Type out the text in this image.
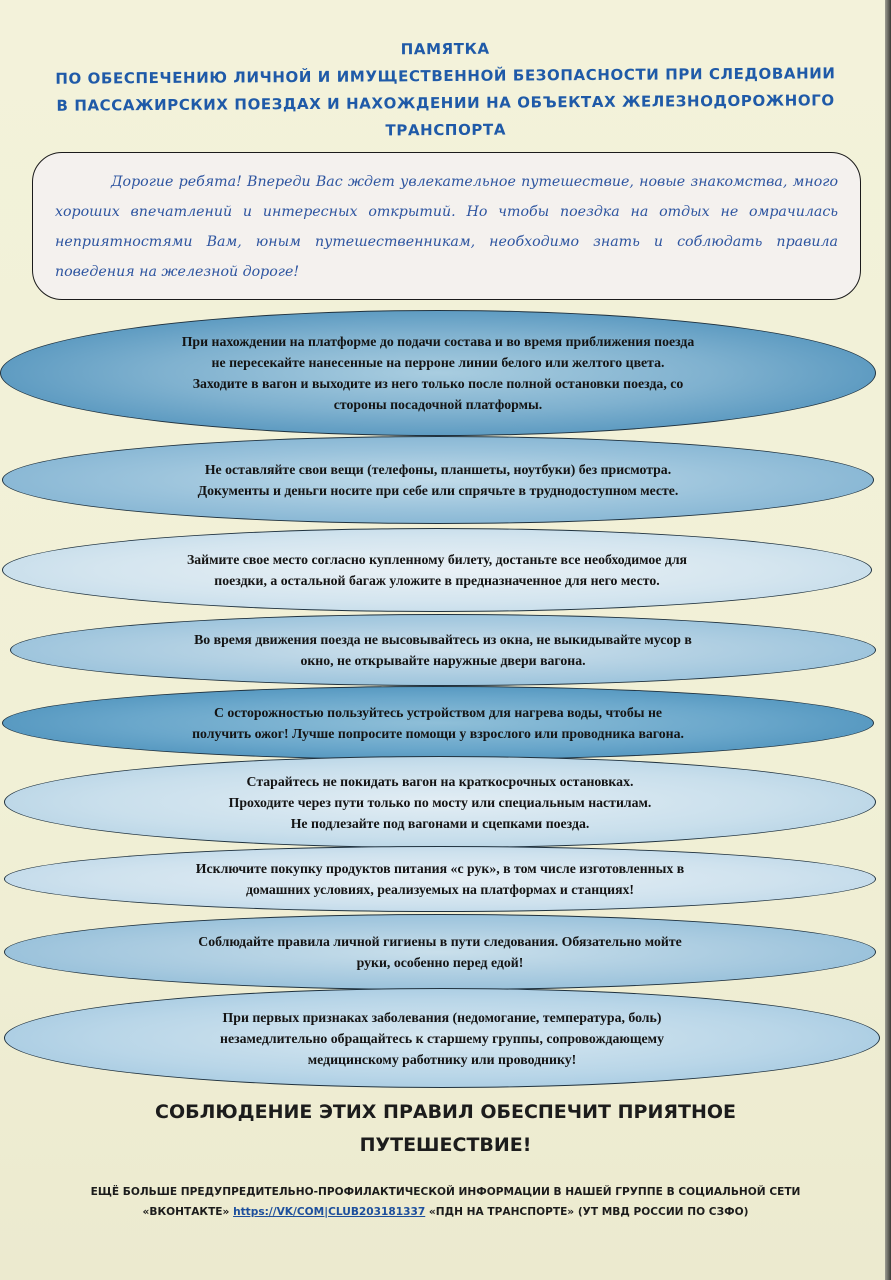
ПАМЯТКА
ПО ОБЕСПЕЧЕНИЮ ЛИЧНОЙ И ИМУЩЕСТВЕННОЙ БЕЗОПАСНОСТИ ПРИ СЛЕДОВАНИИ
В ПАССАЖИРСКИХ ПОЕЗДАХ И НАХОЖДЕНИИ НА ОБЪЕКТАХ ЖЕЛЕЗНОДОРОЖНОГО
ТРАНСПОРТА

Дорогие ребята! Впереди Вас ждет увлекательное путешествие, новые знакомства, много хороших впечатлений и интересных открытий. Но чтобы поездка на отдых не омрачилась неприятностями Вам, юным путешественникам, необходимо знать и соблюдать правила поведения на железной дороге!

При нахождении на платформе до подачи состава и во время приближения поезда
не пересекайте нанесенные на перроне линии белого или желтого цвета.
Заходите в вагон и выходите из него только после полной остановки поезда, со
стороны посадочной платформы.

Не оставляйте свои вещи (телефоны, планшеты, ноутбуки) без присмотра.
Документы и деньги носите при себе или спрячьте в труднодоступном месте.

Займите свое место согласно купленному билету, достаньте все необходимое для
поездки, а остальной багаж уложите в предназначенное для него место.

Во время движения поезда не высовывайтесь из окна, не выкидывайте мусор в
окно, не открывайте наружные двери вагона.

С осторожностью пользуйтесь устройством для нагрева воды, чтобы не
получить ожог! Лучше попросите помощи у взрослого или проводника вагона.

Старайтесь не покидать вагон на краткосрочных остановках.
Проходите через пути только по мосту или специальным настилам.
Не подлезайте под вагонами и сцепками поезда.

Исключите покупку продуктов питания «с рук», в том числе изготовленных в
домашних условиях, реализуемых на платформах и станциях!

Соблюдайте правила личной гигиены в пути следования. Обязательно мойте
руки, особенно перед едой!

При первых признаках заболевания (недомогание, температура, боль)
незамедлительно обращайтесь к старшему группы, сопровождающему
медицинскому работнику или проводнику!

СОБЛЮДЕНИЕ ЭТИХ ПРАВИЛ ОБЕСПЕЧИТ ПРИЯТНОЕ
ПУТЕШЕСТВИЕ!
ЕЩЁ БОЛЬШЕ ПРЕДУПРЕДИТЕЛЬНО-ПРОФИЛАКТИЧЕСКОЙ ИНФОРМАЦИИ В НАШЕЙ ГРУППЕ В СОЦИАЛЬНОЙ СЕТИ
«ВКОНТАКТЕ» https://VK/COM|CLUB203181337 «ПДН НА ТРАНСПОРТЕ» (УТ МВД РОССИИ ПО СЗФО)
